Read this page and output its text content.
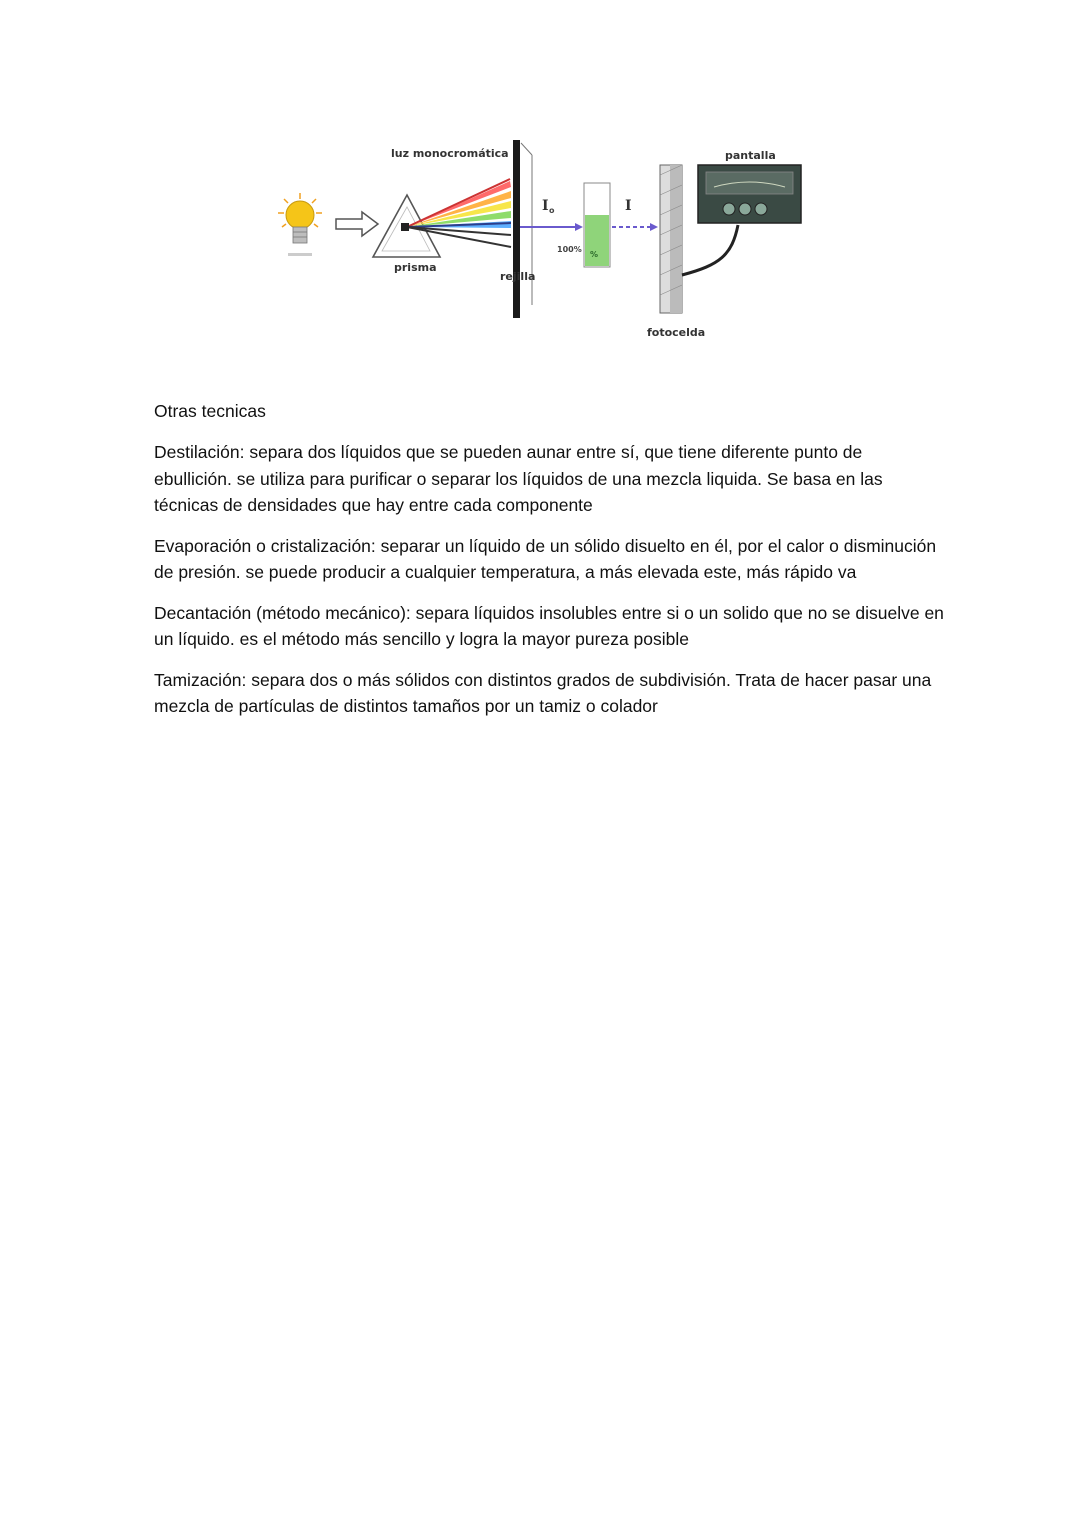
luz monocromática
prisma
rejilla
I o
100%
%
I
pantalla
fotocelda
Otras tecnicas

Destilación: separa dos líquidos que se pueden aunar entre sí, que tiene diferente punto de ebullición. se utiliza para purificar o separar los líquidos de una mezcla liquida. Se basa en las técnicas de densidades que hay entre cada componente

Evaporación o cristalización: separar un líquido de un sólido disuelto en él, por el calor o disminución de presión. se puede producir a cualquier temperatura, a más elevada este, más rápido va

Decantación (método mecánico): separa líquidos insolubles entre si o un solido que no se disuelve en un líquido. es el método más sencillo y logra la mayor pureza posible

Tamización: separa dos o más sólidos con distintos grados de subdivisión. Trata de hacer pasar una mezcla de partículas de distintos tamaños por un tamiz o colador
